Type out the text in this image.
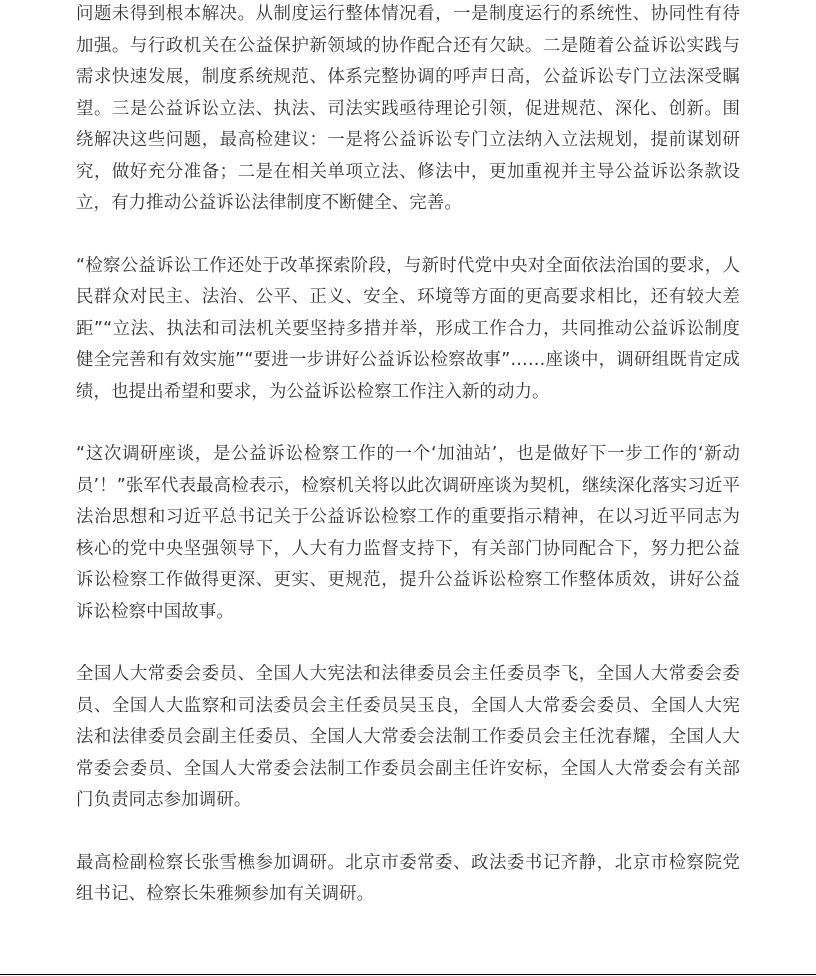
问题未得到根本解决。从制度运行整体情况看，一是制度运行的系统性、协同性有待加强。与行政机关在公益保护新领域的协作配合还有欠缺。二是随着公益诉讼实践与需求快速发展，制度系统规范、体系完整协调的呼声日高，公益诉讼专门立法深受瞩望。三是公益诉讼立法、执法、司法实践亟待理论引领，促进规范、深化、创新。围绕解决这些问题，最高检建议：一是将公益诉讼专门立法纳入立法规划，提前谋划研究，做好充分准备；二是在相关单项立法、修法中，更加重视并主导公益诉讼条款设立，有力推动公益诉讼法律制度不断健全、完善。

“检察公益诉讼工作还处于改革探索阶段，与新时代党中央对全面依法治国的要求，人民群众对民主、法治、公平、正义、安全、环境等方面的更高要求相比，还有较大差距”“立法、执法和司法机关要坚持多措并举，形成工作合力，共同推动公益诉讼制度健全完善和有效实施”“要进一步讲好公益诉讼检察故事”……座谈中，调研组既肯定成绩，也提出希望和要求，为公益诉讼检察工作注入新的动力。

“这次调研座谈，是公益诉讼检察工作的一个‘加油站’，也是做好下一步工作的‘新动员’！”张军代表最高检表示，检察机关将以此次调研座谈为契机，继续深化落实习近平法治思想和习近平总书记关于公益诉讼检察工作的重要指示精神，在以习近平同志为核心的党中央坚强领导下，人大有力监督支持下，有关部门协同配合下，努力把公益诉讼检察工作做得更深、更实、更规范，提升公益诉讼检察工作整体质效，讲好公益诉讼检察中国故事。

全国人大常委会委员、全国人大宪法和法律委员会主任委员李飞，全国人大常委会委员、全国人大监察和司法委员会主任委员吴玉良，全国人大常委会委员、全国人大宪法和法律委员会副主任委员、全国人大常委会法制工作委员会主任沈春耀，全国人大常委会委员、全国人大常委会法制工作委员会副主任许安标，全国人大常委会有关部门负责同志参加调研。

最高检副检察长张雪樵参加调研。北京市委常委、政法委书记齐静，北京市检察院党组书记、检察长朱雅频参加有关调研。
